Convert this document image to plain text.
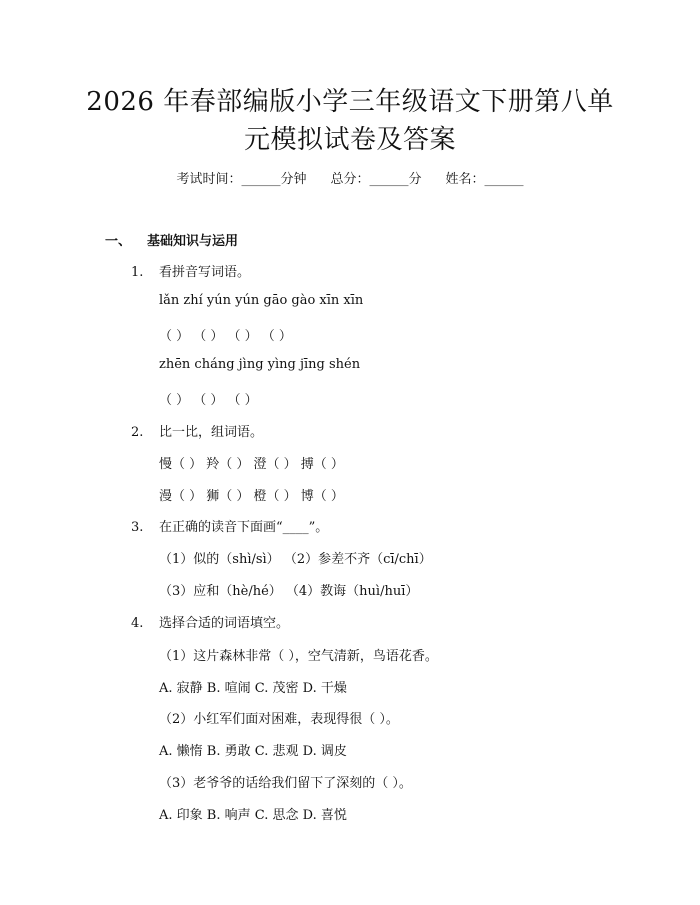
2026 年春部编版小学三年级语文下册第八单
元模拟试卷及答案
考试时间：______分钟 总分：______分 姓名：______
一、 基础知识与运用
1. 看拼音写词语。
lǎn zhí yún yún gāo gào xīn xīn
（ ） （ ） （ ） （ ）
zhēn cháng jìng yìng jīng shén
（ ） （ ） （ ）
2. 比一比，组词语。
慢（ ） 羚（ ） 澄（ ） 搏（ ）
漫（ ） 狮（ ） 橙（ ） 博（ ）
3. 在正确的读音下面画“____”。
（1）似的（shì/sì） （2）参差不齐（cī/chī）
（3）应和（hè/hé） （4）教诲（huì/huī）
4. 选择合适的词语填空。
（1）这片森林非常（ ），空气清新，鸟语花香。
A. 寂静 B. 喧闹 C. 茂密 D. 干燥
（2）小红军们面对困难，表现得很（ ）。
A. 懒惰 B. 勇敢 C. 悲观 D. 调皮
（3）老爷爷的话给我们留下了深刻的（ ）。
A. 印象 B. 响声 C. 思念 D. 喜悦
